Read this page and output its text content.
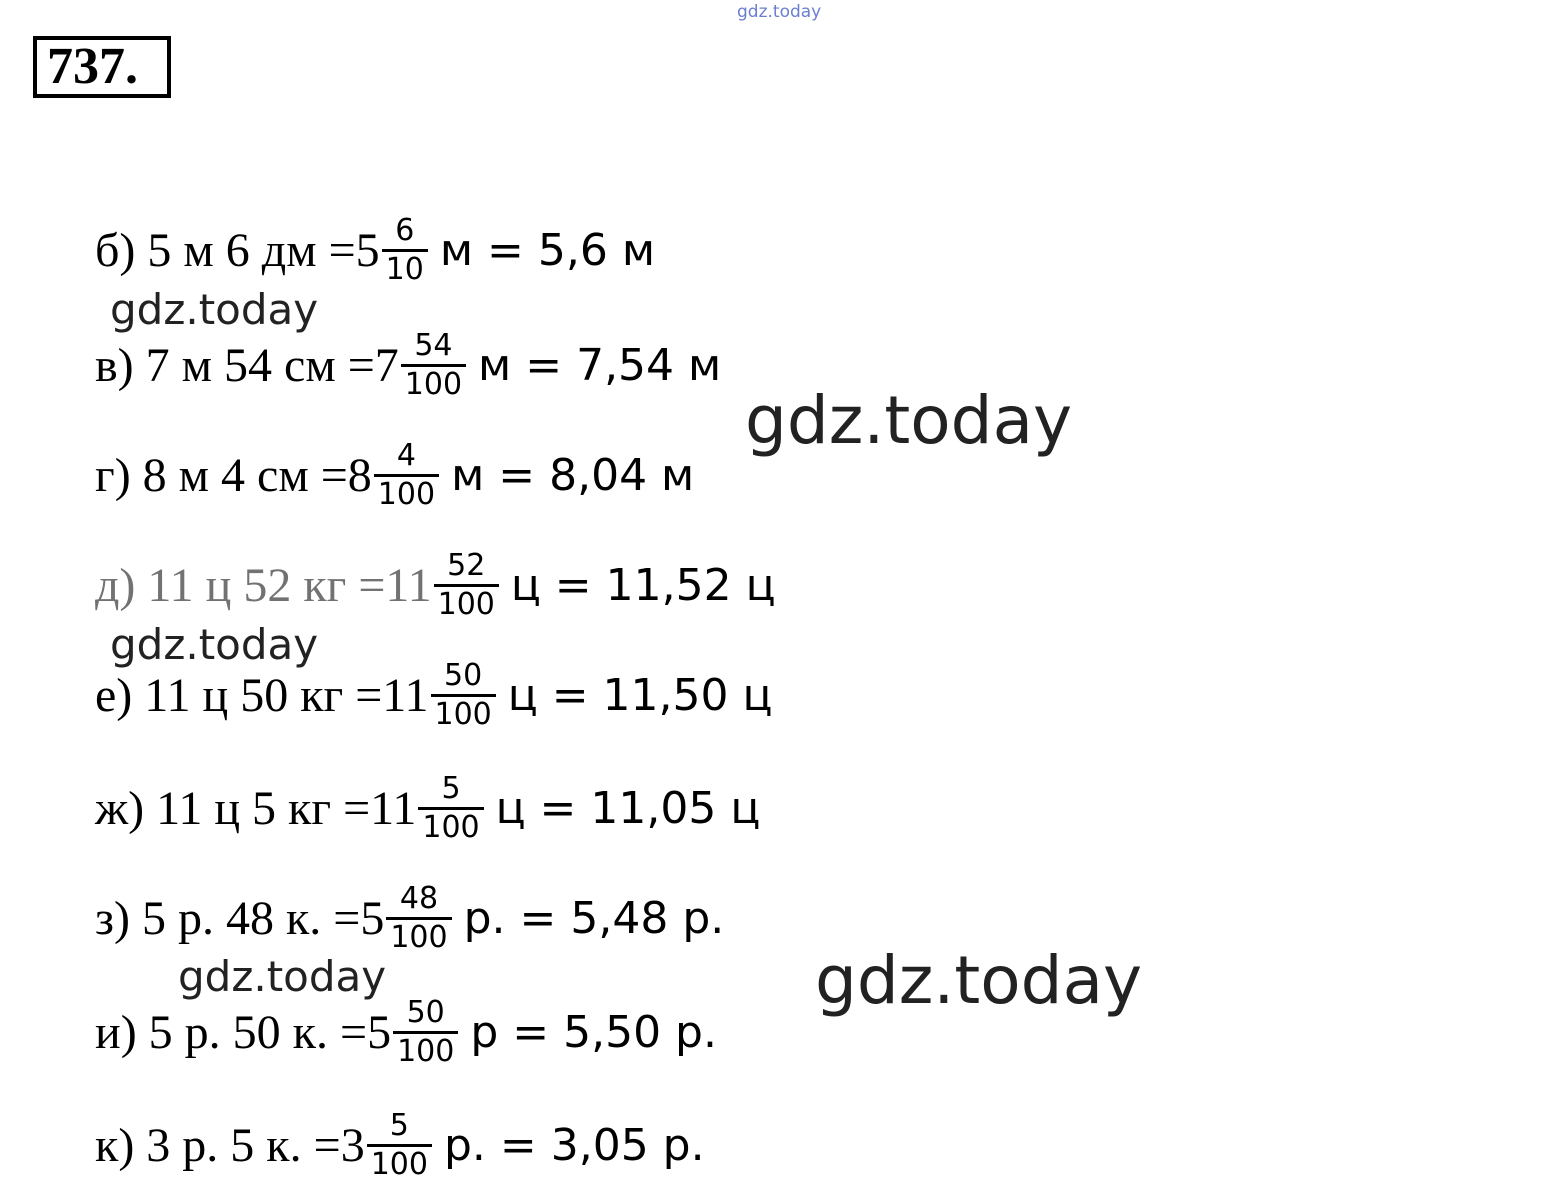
gdz.today
737.
б) 5 м 6 дм = $5 \frac{6}{10}$ м = 5,6 м
в) 7 м 54 см = $7 \frac{54}{100}$ м = 7,54 м
г) 8 м 4 см = $8 \frac{4}{100}$ м = 8,04 м
д) 11 ц 52 кг = $11 \frac{52}{100}$ ц = 11,52 ц
е) 11 ц 50 кг = $11 \frac{50}{100}$ ц = 11,50 ц
ж) 11 ц 5 кг = $11 \frac{5}{100}$ ц = 11,05 ц
з) 5 р. 48 к. = $5 \frac{48}{100} р$. = 5,48 р.
и) 5 р. 50 к. = $5 \frac{50}{100}$ р = 5,50 р.
к) 3 р. 5 к. = $3 \frac{5}{100} р$. = 3,05 р.
gdz.today
gdz.today
gdz.today
gdz.today	gdz.today
